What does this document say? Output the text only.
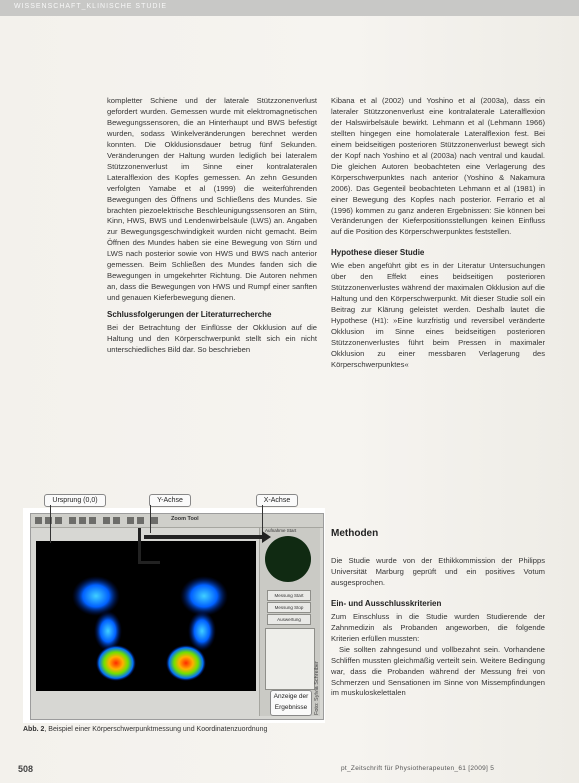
WISSENSCHAFT_KLINISCHE STUDIE

kompletter Schiene und der laterale Stützzonenverlust gefordert wurden. Gemessen wurde mit elektromagnetischen Bewegungssensoren, die an Hinterhaupt und BWS befestigt wurden, sodass Winkelveränderungen berechnet werden konnten. Die Okklusionsdauer betrug fünf Sekunden. Veränderungen der Haltung wurden lediglich bei lateralem Stützzonenverlust im Sinne einer kontralateralen Lateralflexion des Kopfes gemessen. An zehn Gesunden verfolgten Yamabe et al (1999) die weiterführenden Bewegungen des Öffnens und Schließens des Mundes. Sie brachten piezoelektrische Beschleunigungssensoren an Stirn, Kinn, HWS, BWS und Lendenwirbelsäule (LWS) an. Angaben zur Bewegungsgeschwindigkeit wurden nicht gemacht. Beim Öffnen des Mundes haben sie eine Bewegung von Stirn und LWS nach posterior sowie von HWS und BWS nach anterior gemessen. Beim Schließen des Mundes fanden sich die Bewegungen in umgekehrter Richtung. Die Autoren nehmen an, dass die Bewegungen von HWS und Rumpf einer sanften und genauen Kieferbewegung dienen.

Schlussfolgerungen der Literaturrecherche

Bei der Betrachtung der Einflüsse der Okklusion auf die Haltung und den Körperschwerpunkt stellt sich ein nicht unterschiedliches Bild dar. So beschrieben

Kibana et al (2002) und Yoshino et al (2003a), dass ein lateraler Stützzonenverlust eine kontralaterale Lateralflexion der Halswirbelsäule bewirkt. Lehmann et al (Lehmann 1966) stellten hingegen eine homolaterale Lateralflexion fest. Bei einem beidseitigen posterioren Stützzonenverlust bewegt sich der Kopf nach Yoshino et al (2003a) nach ventral und kaudal. Die gleichen Autoren beobachteten eine Verlagerung des Körperschwerpunktes nach anterior (Yoshino & Nakamura 2006). Das Gegenteil beobachteten Lehmann et al (1981) in einer Bewegung des Kopfes nach posterior. Ferrario et al (1996) kommen zu ganz anderen Ergebnissen: Sie können bei Veränderungen der Kieferpositionsstellungen keinen Einfluss auf die Position des Körperschwerpunktes feststellen.

Hypothese dieser Studie

Wie eben angeführt gibt es in der Literatur Untersuchungen über den Effekt eines beidseitigen posterioren Stützzonenverlustes während der maximalen Okklusion auf die Haltung und den Körperschwerpunkt. Mit dieser Studie soll ein Beitrag zur Klärung geleistet werden. Deshalb lautet die Hypothese (H1): »Eine kurzfristig und reversibel veränderte Okklusion im Sinne eines beidseitigen posterioren Stützzonenverlustes führt beim Pressen in maximaler Okklusion zu einer messbaren Verlagerung des Körperschwerpunktes«

Methoden

Die Studie wurde von der Ethikkommission der Philipps Universität Marburg geprüft und ein positives Votum ausgesprochen.

Ein- und Ausschlusskriterien

Zum Einschluss in die Studie wurden Studierende der Zahnmedizin als Probanden angeworben, die folgende Kriterien erfüllen mussten:

Sie sollten zahngesund und vollbezahnt sein. Vorhandene Schliffen mussten gleichmäßig verteilt sein. Weitere Bedingung war, dass die Probanden während der Messung frei von Schmerzen und Sensationen im Sinne von Missempfindungen im muskuloskelettalen

Zoom Tool
Aufnahme Start
Messung Start
Messung Stop
Auswertung
Ursprung (0,0)	Y-Achse	X-Achse
Anzeige der Ergebnisse	Foto: Sylvia Schreiber
Abb. 2, Beispiel einer Körperschwerpunktmessung und Koordinatenzuordnung
508	pt_Zeitschrift für Physiotherapeuten_61 [2009] 5
